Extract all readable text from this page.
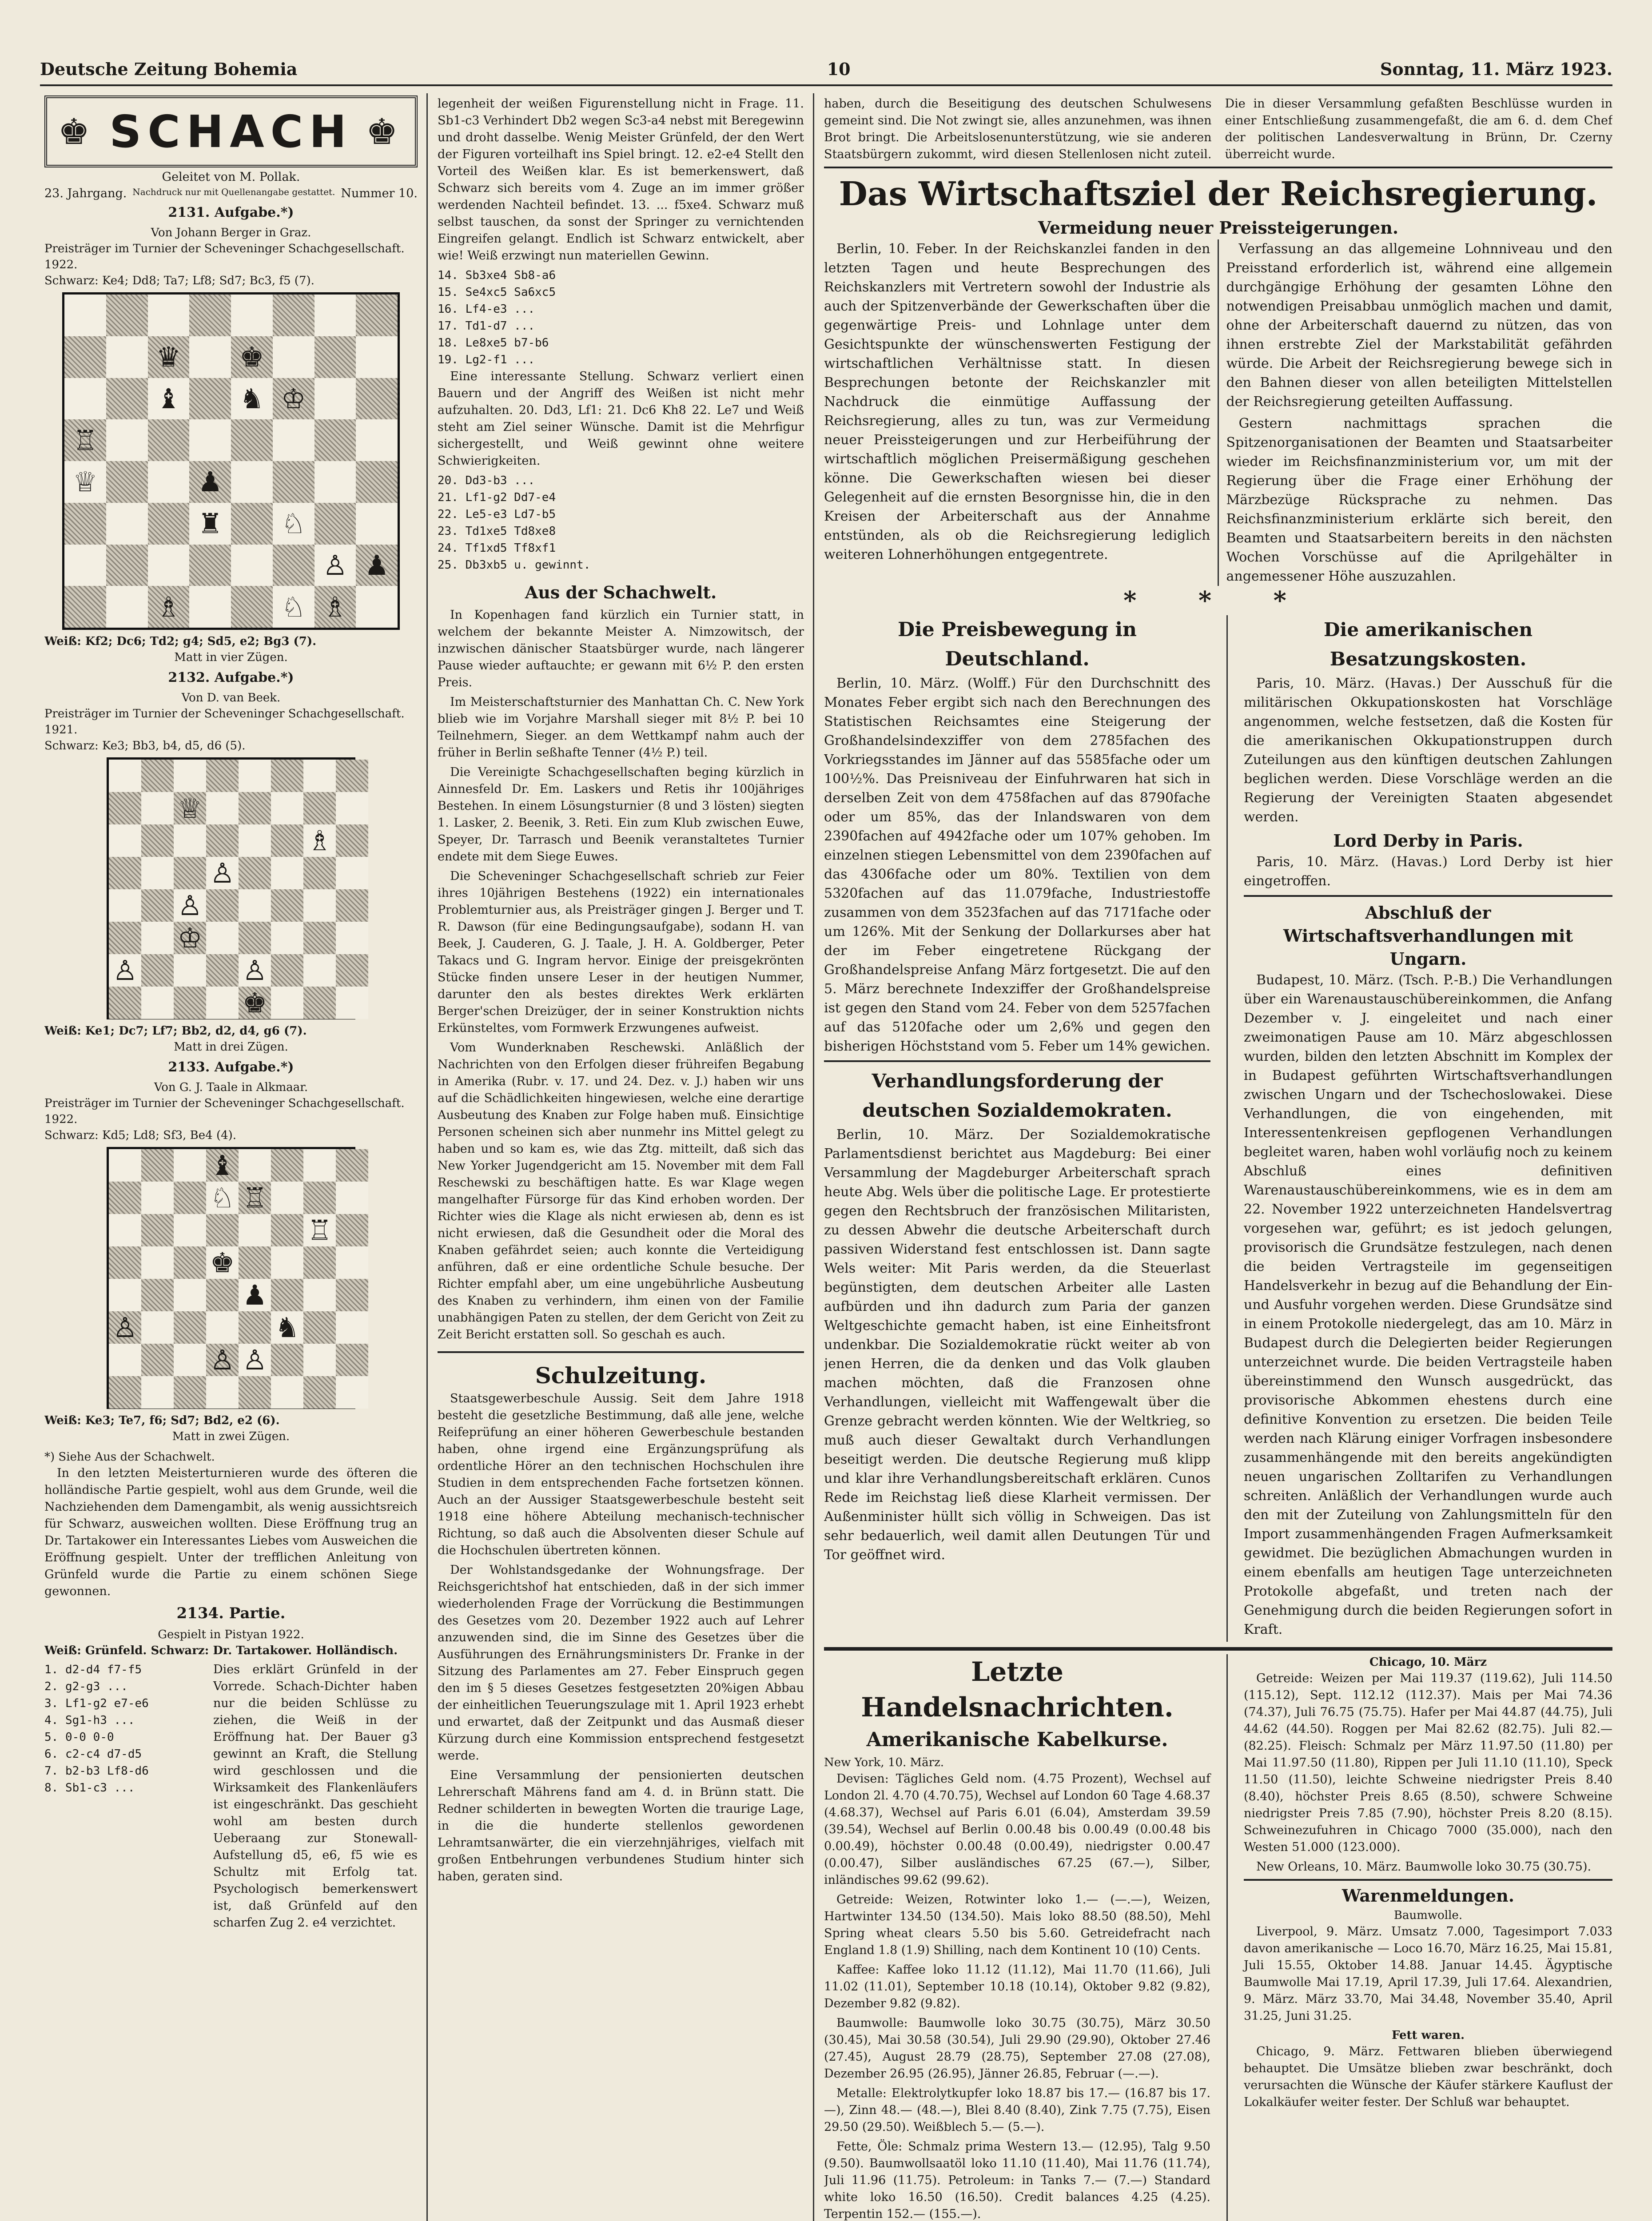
Deutsche Zeitung Bohemia	10	Sonntag, 11. März 1923.
♚ SCHACH ♚
Geleitet von M. Pollak.
23. Jahrgang. Nachdruck nur mit Quellenangabe gestattet. Nummer 10.
2131. Aufgabe.*)
Von Johann Berger in Graz.
Preisträger im Turnier der Scheveninger Schachgesellschaft. 1922.
Schwarz: Ke4; Dd8; Ta7; Lf8; Sd7; Bc3, f5 (7).
♛ ♚
♝ ♞ ♔
♖
♕	♟
♜ ♘
♙ ♟
♗	♘ ♗
Weiß: Kf2; Dc6; Td2; g4; Sd5, e2; Bg3 (7).
Matt in vier Zügen.
2132. Aufgabe.*)
Von D. van Beek.
Preisträger im Turnier der Scheveninger Schachgesellschaft. 1921.
Schwarz: Ke3; Bb3, b4, d5, d6 (5).
♕
♗
♙
♙
♔
♙	♙
♚
Weiß: Ke1; Dc7; Lf7; Bb2, d2, d4, g6 (7).
Matt in drei Zügen.
2133. Aufgabe.*)
Von G. J. Taale in Alkmaar.
Preisträger im Turnier der Scheveninger Schachgesellschaft. 1922.
Schwarz: Kd5; Ld8; Sf3, Be4 (4).
♝
♘ ♖
♖
♚
♟
♙	♞
♙ ♙
Weiß: Ke3; Te7, f6; Sd7; Bd2, e2 (6).
Matt in zwei Zügen.
*) Siehe Aus der Schachwelt.

In den letzten Meisterturnieren wurde des öfteren die holländische Partie gespielt, wohl aus dem Grunde, weil die Nachziehenden dem Damengambit, als wenig aussichtsreich für Schwarz, ausweichen wollten. Diese Eröffnung trug an Dr. Tartakower ein Interessantes Liebes vom Ausweichen die Eröffnung gespielt. Unter der trefflichen Anleitung von Grünfeld wurde die Partie zu einem schönen Siege gewonnen.

2134. Partie.
Gespielt in Pistyan 1922.
Weiß: Grünfeld. Schwarz: Dr. Tartakower. Holländisch.
1. d2-d4 f7-f5
2. g2-g3 ...
3. Lf1-g2 e7-e6
4. Sg1-h3 ...
5. 0-0 0-0
6. c2-c4 d7-d5
7. b2-b3 Lf8-d6
8. Sb1-c3 ...

Dies erklärt Grünfeld in der Vorrede. Schach-Dichter haben nur die beiden Schlüsse zu ziehen, die Weiß in der Eröffnung hat. Der Bauer g3 gewinnt an Kraft, die Stellung wird geschlossen und die Wirksamkeit des Flankenläufers ist eingeschränkt. Das geschieht wohl am besten durch Ueberaang zur Stonewall-Aufstellung d5, e6, f5 wie es Schultz mit Erfolg tat. Psychologisch bemerkenswert ist, daß Grünfeld auf den scharfen Zug 2. e4 verzichtet.

legenheit der weißen Figurenstellung nicht in Frage. 11. Sb1-c3 Verhindert Db2 wegen Sc3-a4 nebst mit Beregewinn und droht dasselbe. Wenig Meister Grünfeld, der den Wert der Figuren vorteilhaft ins Spiel bringt. 12. e2-e4 Stellt den Vorteil des Weißen klar. Es ist bemerkenswert, daß Schwarz sich bereits vom 4. Zuge an im immer größer werdenden Nachteil befindet. 13. ... f5xe4. Schwarz muß selbst tauschen, da sonst der Springer zu vernichtenden Eingreifen gelangt. Endlich ist Schwarz entwickelt, aber wie! Weiß erzwingt nun materiellen Gewinn.

14. Sb3xe4 Sb8-a6
15. Se4xc5 Sa6xc5
16. Lf4-e3 ...
17. Td1-d7 ...
18. Le8xe5 b7-b6
19. Lg2-f1 ...

Eine interessante Stellung. Schwarz verliert einen Bauern und der Angriff des Weißen ist nicht mehr aufzuhalten. 20. Dd3, Lf1: 21. Dc6 Kh8 22. Le7 und Weiß steht am Ziel seiner Wünsche. Damit ist die Mehrfigur sichergestellt, und Weiß gewinnt ohne weitere Schwierigkeiten.

20. Dd3-b3 ...
21. Lf1-g2 Dd7-e4
22. Le5-e3 Ld7-b5
23. Td1xe5 Td8xe8
24. Tf1xd5 Tf8xf1
25. Db3xb5 u. gewinnt.
Aus der Schachwelt.

In Kopenhagen fand kürzlich ein Turnier statt, in welchem der bekannte Meister A. Nimzowitsch, der inzwischen dänischer Staatsbürger wurde, nach längerer Pause wieder auftauchte; er gewann mit 6½ P. den ersten Preis.

Im Meisterschaftsturnier des Manhattan Ch. C. New York blieb wie im Vorjahre Marshall sieger mit 8½ P. bei 10 Teilnehmern, Sieger. an dem Wettkampf nahm auch der früher in Berlin seßhafte Tenner (4½ P.) teil.

Die Vereinigte Schachgesellschaften beging kürzlich in Ainnesfeld Dr. Em. Laskers und Retis ihr 100jähriges Bestehen. In einem Lösungsturnier (8 und 3 lösten) siegten 1. Lasker, 2. Beenik, 3. Reti. Ein zum Klub zwischen Euwe, Speyer, Dr. Tarrasch und Beenik veranstaltetes Turnier endete mit dem Siege Euwes.

Die Scheveninger Schachgesellschaft schrieb zur Feier ihres 10jährigen Bestehens (1922) ein internationales Problemturnier aus, als Preisträger gingen J. Berger und T. R. Dawson (für eine Bedingungsaufgabe), sodann H. van Beek, J. Cauderen, G. J. Taale, J. H. A. Goldberger, Peter Takacs und G. Ingram hervor. Einige der preisgekrönten Stücke finden unsere Leser in der heutigen Nummer, darunter den als bestes direktes Werk erklärten Berger'schen Dreizüger, der in seiner Konstruktion nichts Erkünsteltes, vom Formwerk Erzwungenes aufweist.

Vom Wunderknaben Reschewski. Anläßlich der Nachrichten von den Erfolgen dieser frühreifen Begabung in Amerika (Rubr. v. 17. und 24. Dez. v. J.) haben wir uns auf die Schädlichkeiten hingewiesen, welche eine derartige Ausbeutung des Knaben zur Folge haben muß. Einsichtige Personen scheinen sich aber nunmehr ins Mittel gelegt zu haben und so kam es, wie das Ztg. mitteilt, daß sich das New Yorker Jugendgericht am 15. November mit dem Fall Reschewski zu beschäftigen hatte. Es war Klage wegen mangelhafter Fürsorge für das Kind erhoben worden. Der Richter wies die Klage als nicht erwiesen ab, denn es ist nicht erwiesen, daß die Gesundheit oder die Moral des Knaben gefährdet seien; auch konnte die Verteidigung anführen, daß er eine ordentliche Schule besuche. Der Richter empfahl aber, um eine ungebührliche Ausbeutung des Knaben zu verhindern, ihm einen von der Familie unabhängigen Paten zu stellen, der dem Gericht von Zeit zu Zeit Bericht erstatten soll. So geschah es auch.

Schulzeitung.

Staatsgewerbeschule Aussig. Seit dem Jahre 1918 besteht die gesetzliche Bestimmung, daß alle jene, welche Reifeprüfung an einer höheren Gewerbeschule bestanden haben, ohne irgend eine Ergänzungsprüfung als ordentliche Hörer an den technischen Hochschulen ihre Studien in dem entsprechenden Fache fortsetzen können. Auch an der Aussiger Staatsgewerbeschule besteht seit 1918 eine höhere Abteilung mechanisch-technischer Richtung, so daß auch die Absolventen dieser Schule auf die Hochschulen übertreten können.

Der Wohlstandsgedanke der Wohnungsfrage. Der Reichsgerichtshof hat entschieden, daß in der sich immer wiederholenden Frage der Vorrückung die Bestimmungen des Gesetzes vom 20. Dezember 1922 auch auf Lehrer anzuwenden sind, die im Sinne des Gesetzes über die Ausführungen des Ernährungsministers Dr. Franke in der Sitzung des Parlamentes am 27. Feber Einspruch gegen den im § 5 dieses Gesetzes festgesetzten 20%igen Abbau der einheitlichen Teuerungszulage mit 1. April 1923 erhebt und erwartet, daß der Zeitpunkt und das Ausmaß dieser Kürzung durch eine Kommission entsprechend festgesetzt werde.

Eine Versammlung der pensionierten deutschen Lehrerschaft Mährens fand am 4. d. in Brünn statt. Die Redner schilderten in bewegten Worten die traurige Lage, in die die hunderte stellenlos gewordenen Lehramtsanwärter, die ein vierzehnjähriges, vielfach mit großen Entbehrungen verbundenes Studium hinter sich haben, geraten sind.

haben, durch die Beseitigung des deutschen Schulwesens gemeint sind. Die Not zwingt sie, alles anzunehmen, was ihnen Brot bringt. Die Arbeitslosenunterstützung, wie sie anderen Staatsbürgern zukommt, wird diesen Stellenlosen nicht zuteil. Die in dieser Versammlung gefaßten Beschlüsse wurden in einer Entschließung zusammengefaßt, die am 6. d. dem Chef der politischen Landesverwaltung in Brünn, Dr. Czerny überreicht wurde.

Das Wirtschaftsziel der Reichsregierung.
Vermeidung neuer Preissteigerungen.

Berlin, 10. Feber. In der Reichskanzlei fanden in den letzten Tagen und heute Besprechungen des Reichskanzlers mit Vertretern sowohl der Industrie als auch der Spitzenverbände der Gewerkschaften über die gegenwärtige Preis- und Lohnlage unter dem Gesichtspunkte der wünschenswerten Festigung der wirtschaftlichen Verhältnisse statt. In diesen Besprechungen betonte der Reichskanzler mit Nachdruck die einmütige Auffassung der Reichsregierung, alles zu tun, was zur Vermeidung neuer Preissteigerungen und zur Herbeiführung der wirtschaftlich möglichen Preisermäßigung geschehen könne. Die Gewerkschaften wiesen bei dieser Gelegenheit auf die ernsten Besorgnisse hin, die in den Kreisen der Arbeiterschaft aus der Annahme entstünden, als ob die Reichsregierung lediglich weiteren Lohnerhöhungen entgegentrete.

Verfassung an das allgemeine Lohnniveau und den Preisstand erforderlich ist, während eine allgemein durchgängige Erhöhung der gesamten Löhne den notwendigen Preisabbau unmöglich machen und damit, ohne der Arbeiterschaft dauernd zu nützen, das von ihnen erstrebte Ziel der Markstabilität gefährden würde. Die Arbeit der Reichsregierung bewege sich in den Bahnen dieser von allen beteiligten Mittelstellen der Reichsregierung geteilten Auffassung.

Gestern nachmittags sprachen die Spitzenorganisationen der Beamten und Staatsarbeiter wieder im Reichsfinanzministerium vor, um mit der Regierung über die Frage einer Erhöhung der Märzbezüge Rücksprache zu nehmen. Das Reichsfinanzministerium erklärte sich bereit, den Beamten und Staatsarbeitern bereits in den nächsten Wochen Vorschüsse auf die Aprilgehälter in angemessener Höhe auszuzahlen.

* * *
Die Preisbewegung in Deutschland.

Berlin, 10. März. (Wolff.) Für den Durchschnitt des Monates Feber ergibt sich nach den Berechnungen des Statistischen Reichsamtes eine Steigerung der Großhandelsindexziffer von dem 2785fachen des Vorkriegsstandes im Jänner auf das 5585fache oder um 100½%. Das Preisniveau der Einfuhrwaren hat sich in derselben Zeit von dem 4758fachen auf das 8790fache oder um 85%, das der Inlandswaren von dem 2390fachen auf 4942fache oder um 107% gehoben. Im einzelnen stiegen Lebensmittel von dem 2390fachen auf das 4306fache oder um 80%. Textilien von dem 5320fachen auf das 11.079fache, Industriestoffe zusammen von dem 3523fachen auf das 7171fache oder um 126%. Mit der Senkung der Dollarkurses aber hat der im Feber eingetretene Rückgang der Großhandelspreise Anfang März fortgesetzt. Die auf den 5. März berechnete Indexziffer der Großhandelspreise ist gegen den Stand vom 24. Feber von dem 5257fachen auf das 5120fache oder um 2,6% und gegen den bisherigen Höchststand vom 5. Feber um 14% gewichen.

Verhandlungsforderung der deutschen Sozialdemokraten.

Berlin, 10. März. Der Sozialdemokratische Parlamentsdienst berichtet aus Magdeburg: Bei einer Versammlung der Magdeburger Arbeiterschaft sprach heute Abg. Wels über die politische Lage. Er protestierte gegen den Rechtsbruch der französischen Militaristen, zu dessen Abwehr die deutsche Arbeiterschaft durch passiven Widerstand fest entschlossen ist. Dann sagte Wels weiter: Mit Paris werden, da die Steuerlast begünstigten, dem deutschen Arbeiter alle Lasten aufbürden und ihn dadurch zum Paria der ganzen Weltgeschichte gemacht haben, ist eine Einheitsfront undenkbar. Die Sozialdemokratie rückt weiter ab von jenen Herren, die da denken und das Volk glauben machen möchten, daß die Franzosen ohne Verhandlungen, vielleicht mit Waffengewalt über die Grenze gebracht werden könnten. Wie der Weltkrieg, so muß auch dieser Gewaltakt durch Verhandlungen beseitigt werden. Die deutsche Regierung muß klipp und klar ihre Verhandlungsbereitschaft erklären. Cunos Rede im Reichstag ließ diese Klarheit vermissen. Der Außenminister hüllt sich völlig in Schweigen. Das ist sehr bedauerlich, weil damit allen Deutungen Tür und Tor geöffnet wird.

Die amerikanischen Besatzungskosten.

Paris, 10. März. (Havas.) Der Ausschuß für die militärischen Okkupationskosten hat Vorschläge angenommen, welche festsetzen, daß die Kosten für die amerikanischen Okkupationstruppen durch Zuteilungen aus den künftigen deutschen Zahlungen beglichen werden. Diese Vorschläge werden an die Regierung der Vereinigten Staaten abgesendet werden.

Lord Derby in Paris.

Paris, 10. März. (Havas.) Lord Derby ist hier eingetroffen.

Abschluß der Wirtschaftsverhandlungen mit Ungarn.

Budapest, 10. März. (Tsch. P.-B.) Die Verhandlungen über ein Warenaustauschübereinkommen, die Anfang Dezember v. J. eingeleitet und nach einer zweimonatigen Pause am 10. März abgeschlossen wurden, bilden den letzten Abschnitt im Komplex der in Budapest geführten Wirtschaftsverhandlungen zwischen Ungarn und der Tschechoslowakei. Diese Verhandlungen, die von eingehenden, mit Interessentenkreisen gepflogenen Verhandlungen begleitet waren, haben wohl vorläufig noch zu keinem Abschluß eines definitiven Warenaustauschübereinkommens, wie es in dem am 22. November 1922 unterzeichneten Handelsvertrag vorgesehen war, geführt; es ist jedoch gelungen, provisorisch die Grundsätze festzulegen, nach denen die beiden Vertragsteile im gegenseitigen Handelsverkehr in bezug auf die Behandlung der Ein- und Ausfuhr vorgehen werden. Diese Grundsätze sind in einem Protokolle niedergelegt, das am 10. März in Budapest durch die Delegierten beider Regierungen unterzeichnet wurde. Die beiden Vertragsteile haben übereinstimmend den Wunsch ausgedrückt, das provisorische Abkommen ehestens durch eine definitive Konvention zu ersetzen. Die beiden Teile werden nach Klärung einiger Vorfragen insbesondere zusammenhängende mit den bereits angekündigten neuen ungarischen Zolltarifen zu Verhandlungen schreiten. Anläßlich der Verhandlungen wurde auch den mit der Zuteilung von Zahlungsmitteln für den Import zusammenhängenden Fragen Aufmerksamkeit gewidmet. Die bezüglichen Abmachungen wurden in einem ebenfalls am heutigen Tage unterzeichneten Protokolle abgefaßt, und treten nach der Genehmigung durch die beiden Regierungen sofort in Kraft.

Letzte Handelsnachrichten.
Amerikanische Kabelkurse.
New York, 10. März.

Devisen: Tägliches Geld nom. (4.75 Prozent), Wechsel auf London 2l. 4.70 (4.70.75), Wechsel auf London 60 Tage 4.68.37 (4.68.37), Wechsel auf Paris 6.01 (6.04), Amsterdam 39.59 (39.54), Wechsel auf Berlin 0.00.48 bis 0.00.49 (0.00.48 bis 0.00.49), höchster 0.00.48 (0.00.49), niedrigster 0.00.47 (0.00.47), Silber ausländisches 67.25 (67.—), Silber, inländisches 99.62 (99.62).

Getreide: Weizen, Rotwinter loko 1.— (—.—), Weizen, Hartwinter 134.50 (134.50). Mais loko 88.50 (88.50), Mehl Spring wheat clears 5.50 bis 5.60. Getreidefracht nach England 1.8 (1.9) Shilling, nach dem Kontinent 10 (10) Cents.

Kaffee: Kaffee loko 11.12 (11.12), Mai 11.70 (11.66), Juli 11.02 (11.01), September 10.18 (10.14), Oktober 9.82 (9.82), Dezember 9.82 (9.82).

Baumwolle: Baumwolle loko 30.75 (30.75), März 30.50 (30.45), Mai 30.58 (30.54), Juli 29.90 (29.90), Oktober 27.46 (27.45), August 28.79 (28.75), September 27.08 (27.08), Dezember 26.95 (26.95), Jänner 26.85, Februar (—.—).

Metalle: Elektrolytkupfer loko 18.87 bis 17.— (16.87 bis 17.—), Zinn 48.— (48.—), Blei 8.40 (8.40), Zink 7.75 (7.75), Eisen 29.50 (29.50). Weißblech 5.— (5.—).

Fette, Öle: Schmalz prima Western 13.— (12.95), Talg 9.50 (9.50). Baumwollsaatöl loko 11.10 (11.40), Mai 11.76 (11.74), Juli 11.96 (11.75). Petroleum: in Tanks 7.— (7.—) Standard white loko 16.50 (16.50). Credit balances 4.25 (4.25). Terpentin 152.— (155.—).

Chicago, 10. März

Getreide: Weizen per Mai 119.37 (119.62), Juli 114.50 (115.12), Sept. 112.12 (112.37). Mais per Mai 74.36 (74.37), Juli 76.75 (75.75). Hafer per Mai 44.87 (44.75), Juli 44.62 (44.50). Roggen per Mai 82.62 (82.75). Juli 82.— (82.25). Fleisch: Schmalz per März 11.97.50 (11.80) per Mai 11.97.50 (11.80), Rippen per Juli 11.10 (11.10), Speck 11.50 (11.50), leichte Schweine niedrigster Preis 8.40 (8.40), höchster Preis 8.65 (8.50), schwere Schweine niedrigster Preis 7.85 (7.90), höchster Preis 8.20 (8.15). Schweinezufuhren in Chicago 7000 (35.000), nach den Westen 51.000 (123.000).

New Orleans, 10. März. Baumwolle loko 30.75 (30.75).

Warenmeldungen.
Baumwolle.

Liverpool, 9. März. Umsatz 7.000, Tagesimport 7.033 davon amerikanische — Loco 16.70, März 16.25, Mai 15.81, Juli 15.55, Oktober 14.88. Januar 14.45. Ägyptische Baumwolle Mai 17.19, April 17.39, Juli 17.64. Alexandrien, 9. März. März 33.70, Mai 34.48, November 35.40, April 31.25, Juni 31.25.

Fett waren.

Chicago, 9. März. Fettwaren blieben überwiegend behauptet. Die Umsätze blieben zwar beschränkt, doch verursachten die Wünsche der Käufer stärkere Kauflust der Lokalkäufer weiter fester. Der Schluß war behauptet.
